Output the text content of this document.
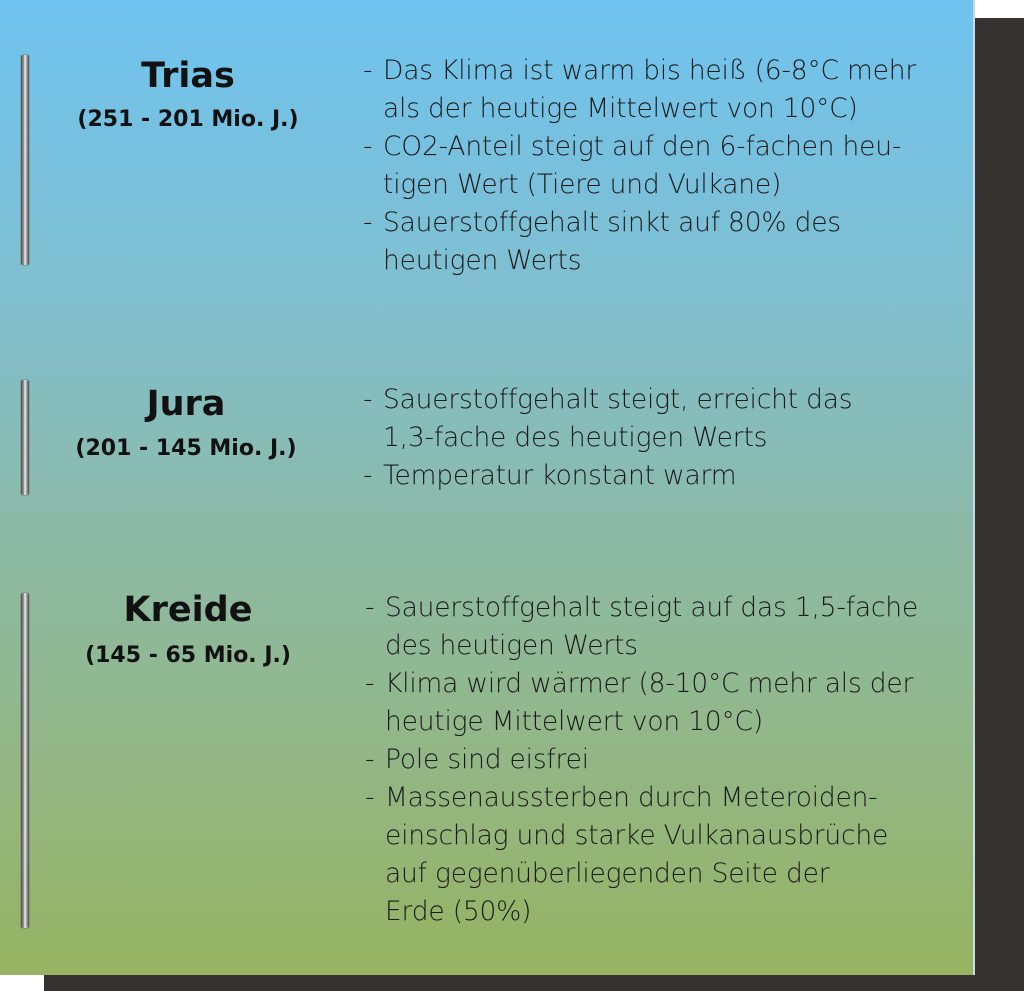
Trias
(251 - 201 Mio. J.)
- Das Klima ist warm bis heiß (6-8°C mehr
als der heutige Mittelwert von 10°C)
- CO2-Anteil steigt auf den 6-fachen heu-
tigen Wert (Tiere und Vulkane)
- Sauerstoffgehalt sinkt auf 80% des
heutigen Werts
Jura
(201 - 145 Mio. J.)
- Sauerstoffgehalt steigt, erreicht das
1,3-fache des heutigen Werts
- Temperatur konstant warm
Kreide
(145 - 65 Mio. J.)
- Sauerstoffgehalt steigt auf das 1,5-fache
des heutigen Werts
- Klima wird wärmer (8-10°C mehr als der
heutige Mittelwert von 10°C)
- Pole sind eisfrei
- Massenaussterben durch Meteroiden-
einschlag und starke Vulkanausbrüche
auf gegenüberliegenden Seite der
Erde (50%)
